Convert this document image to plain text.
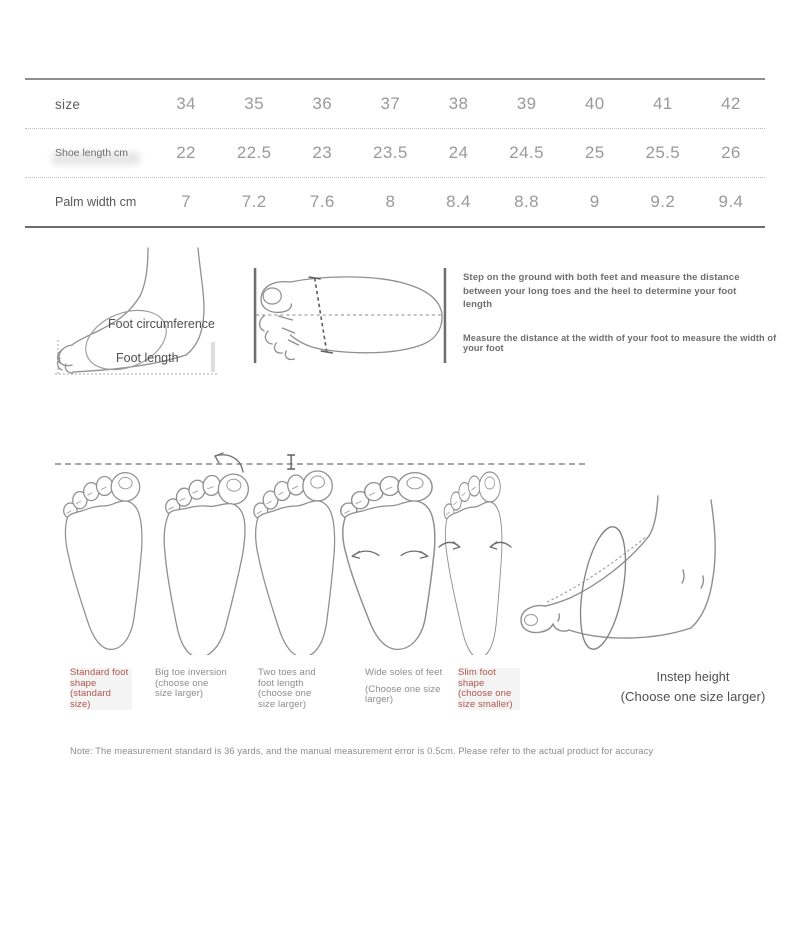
size	34	35	36	37	38	39	40	41	42
Shoe length cm	22	22.5	23	23.5	24	24.5	25	25.5	26
Palm width cm	7	7.2	7.6	8	8.4	8.8	9	9.2	9.4
Foot circumference
Foot length

Step on the ground with both feet and measure the distance between your long toes and the heel to determine your foot length

Measure the distance at the width of your foot to measure the width of your foot

Standard foot shape (standard size)
Big toe inversion (choose one size larger)
Two toes and foot length (choose one size larger)
Wide soles of feet
(Choose one size larger)
Slim foot shape (choose one size smaller)
Instep height
(Choose one size larger)
Note: The measurement standard is 36 yards, and the manual measurement error is 0.5cm. Please refer to the actual product for accuracy
